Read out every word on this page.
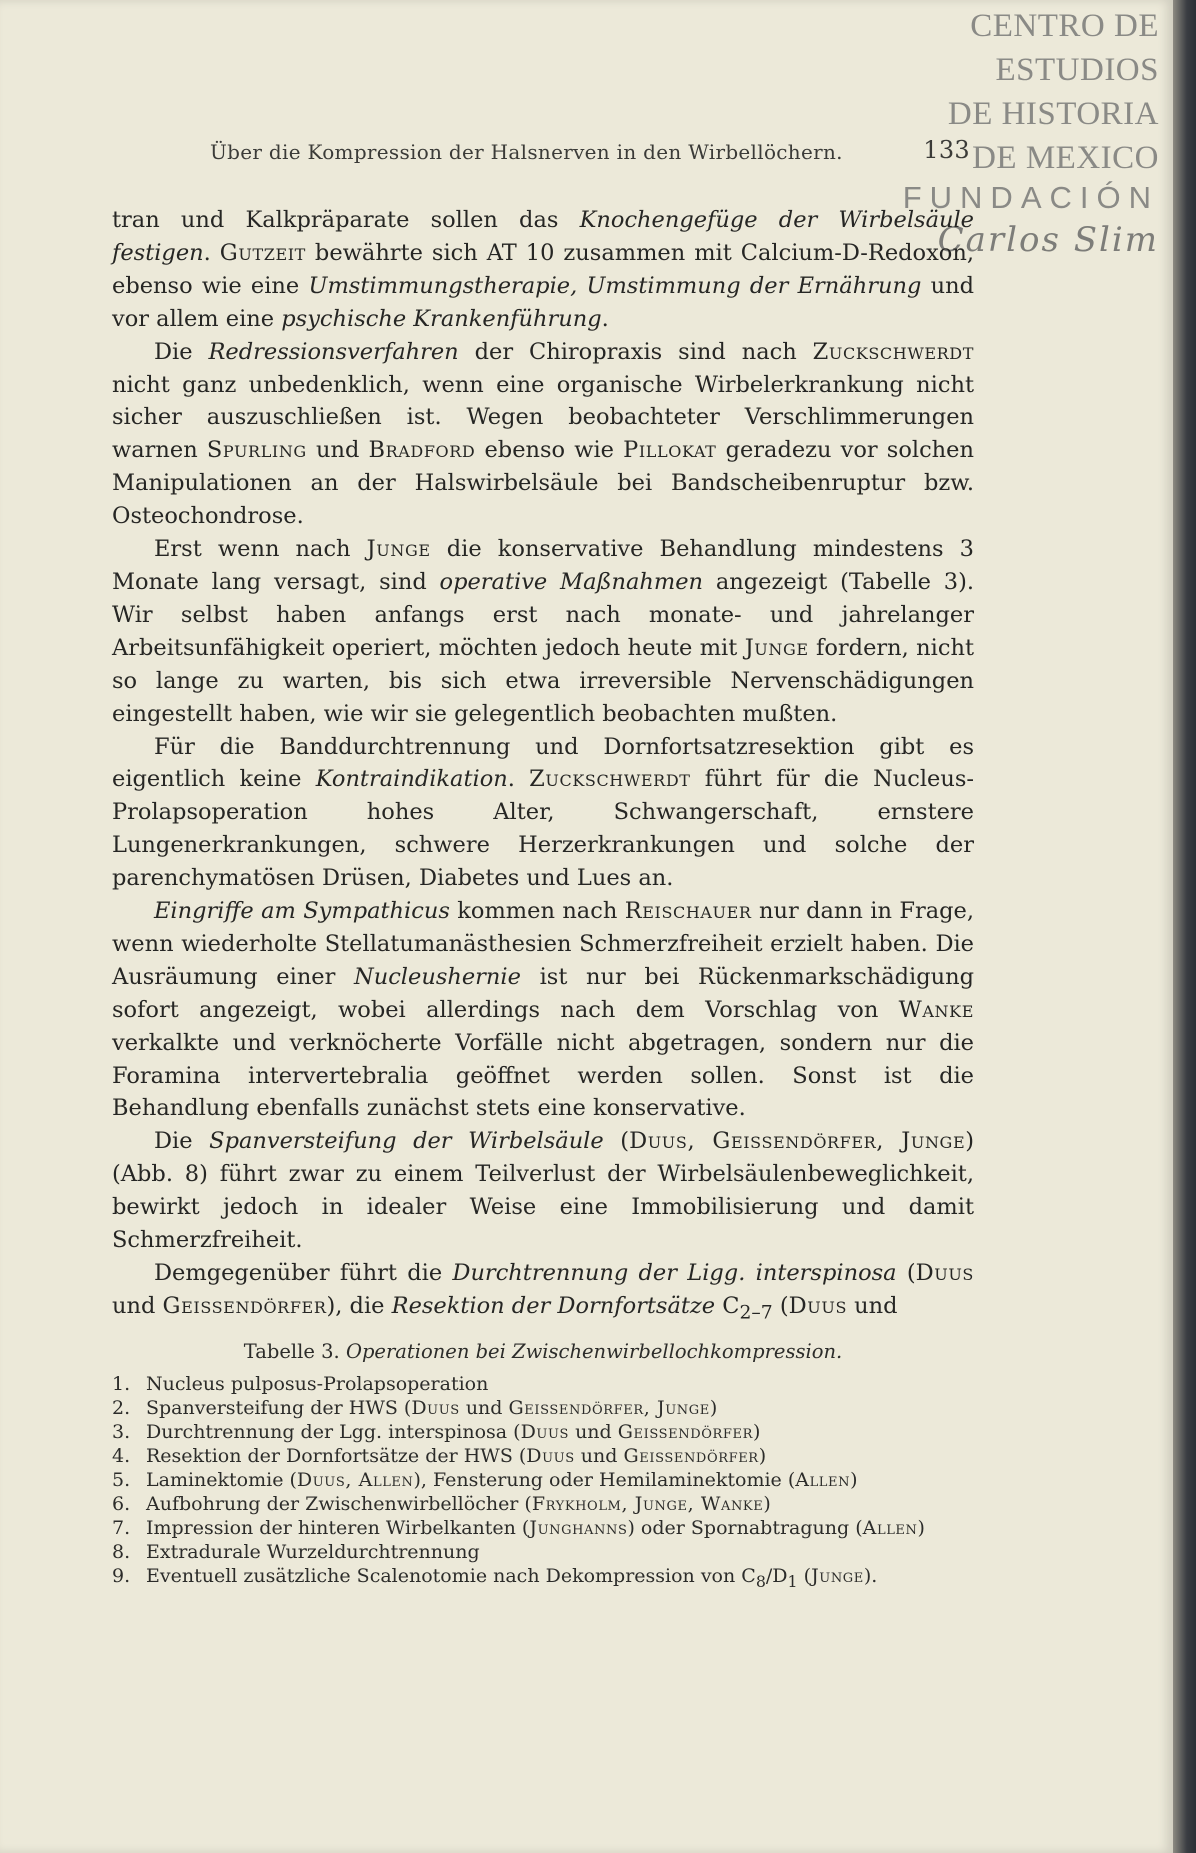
CENTRO DE
ESTUDIOS
DE HISTORIA
DE MEXICO
FUNDACIÓN
Carlos Slim
Über die Kompression der Halsnerven in den Wirbellöchern.	133

tran und Kalkpräparate sollen das Knochengefüge der Wirbelsäule festigen. Gutzeit bewährte sich AT 10 zusammen mit Calcium-D-Redoxon, ebenso wie eine Umstimmungstherapie, Umstimmung der Ernährung und vor allem eine psychische Krankenführung.

Die Redressionsverfahren der Chiropraxis sind nach Zuckschwerdt nicht ganz unbedenklich, wenn eine organische Wirbelerkrankung nicht sicher auszuschließen ist. Wegen beobachteter Verschlimmerungen warnen Spurling und Bradford ebenso wie Pillokat geradezu vor solchen Manipulationen an der Halswirbelsäule bei Bandscheibenruptur bzw. Osteochondrose.

Erst wenn nach Junge die konservative Behandlung mindestens 3 Monate lang versagt, sind operative Maßnahmen angezeigt (Tabelle 3). Wir selbst haben anfangs erst nach monate- und jahrelanger Arbeitsunfähigkeit operiert, möchten jedoch heute mit Junge fordern, nicht so lange zu warten, bis sich etwa irreversible Nervenschädigungen eingestellt haben, wie wir sie gelegentlich beobachten mußten.

Für die Banddurchtrennung und Dornfortsatzresektion gibt es eigentlich keine Kontraindikation. Zuckschwerdt führt für die Nucleus-Prolapsoperation hohes Alter, Schwangerschaft, ernstere Lungenerkrankungen, schwere Herzerkrankungen und solche der parenchymatösen Drüsen, Diabetes und Lues an.

Eingriffe am Sympathicus kommen nach Reischauer nur dann in Frage, wenn wiederholte Stellatumanästhesien Schmerzfreiheit erzielt haben. Die Ausräumung einer Nucleushernie ist nur bei Rückenmarkschädigung sofort angezeigt, wobei allerdings nach dem Vorschlag von Wanke verkalkte und verknöcherte Vorfälle nicht abgetragen, sondern nur die Foramina intervertebralia geöffnet werden sollen. Sonst ist die Behandlung ebenfalls zunächst stets eine konservative.

Die Spanversteifung der Wirbelsäule (Duus, Geissendörfer, Junge) (Abb. 8) führt zwar zu einem Teilverlust der Wirbelsäulenbeweglichkeit, bewirkt jedoch in idealer Weise eine Immobilisierung und damit Schmerzfreiheit.

Demgegenüber führt die Durchtrennung der Ligg. interspinosa (Duus und Geissendörfer), die Resektion der Dornfortsätze $C_{2-7}$ (Duus und

Tabelle 3. Operationen bei Zwischenwirbellochkompression.
1. Nucleus pulposus-Prolapsoperation
2. Spanversteifung der HWS (Duus und Geissendörfer, Junge)
3. Durchtrennung der Lgg. interspinosa (Duus und Geissendörfer)
4. Resektion der Dornfortsätze der HWS (Duus und Geissendörfer)
5. Laminektomie (Duus, Allen), Fensterung oder Hemilaminektomie (Allen)
6. Aufbohrung der Zwischenwirbellöcher (Frykholm, Junge, Wanke)
7. Impression der hinteren Wirbelkanten (Junghanns) oder Spornabtragung (Allen)
8. Extradurale Wurzeldurchtrennung
9. Eventuell zusätzliche Scalenotomie nach Dekompression von $C_8/D_1$ (Junge).
